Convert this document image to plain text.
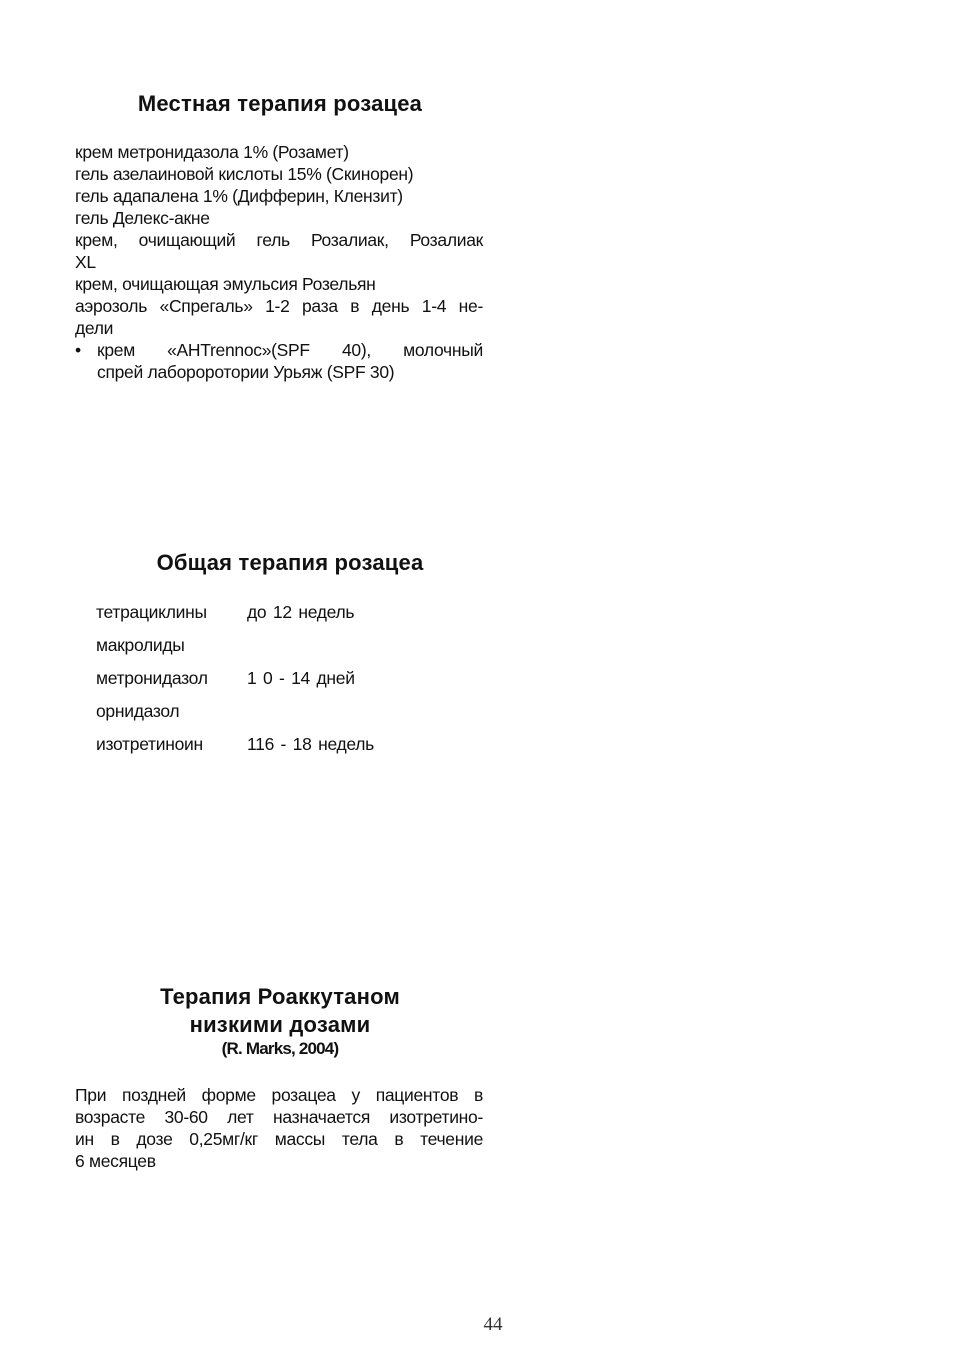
Местная терапия розацеа
крем метронидазола 1% (Розамет)
гель азелаиновой кислоты 15% (Скинорен)
гель адапалена 1% (Дифферин, Клензит)
гель Делекс-акне
крем, очищающий гель Розалиак, Розалиак
XL
крем, очищающая эмульсия Розельян
аэрозоль «Спрегаль» 1-2 раза в день 1-4 не-
дели
• крем «AHTrennoc»(SPF 40), молочный
спрей лабороротории Урьяж (SPF 30)
Общая терапия розацеа
тетрациклины	до 12 недель
макролиды
метронидазол	1 0 - 14 дней
орнидазол
изотретиноин	116 - 18 недель
Терапия Роаккутаном
низкими дозами
(R. Marks, 2004)
При поздней форме розацеа у пациентов в
возрасте 30-60 лет назначается изотретино-
ин в дозе 0,25мг/кг массы тела в течение
6 месяцев
44
